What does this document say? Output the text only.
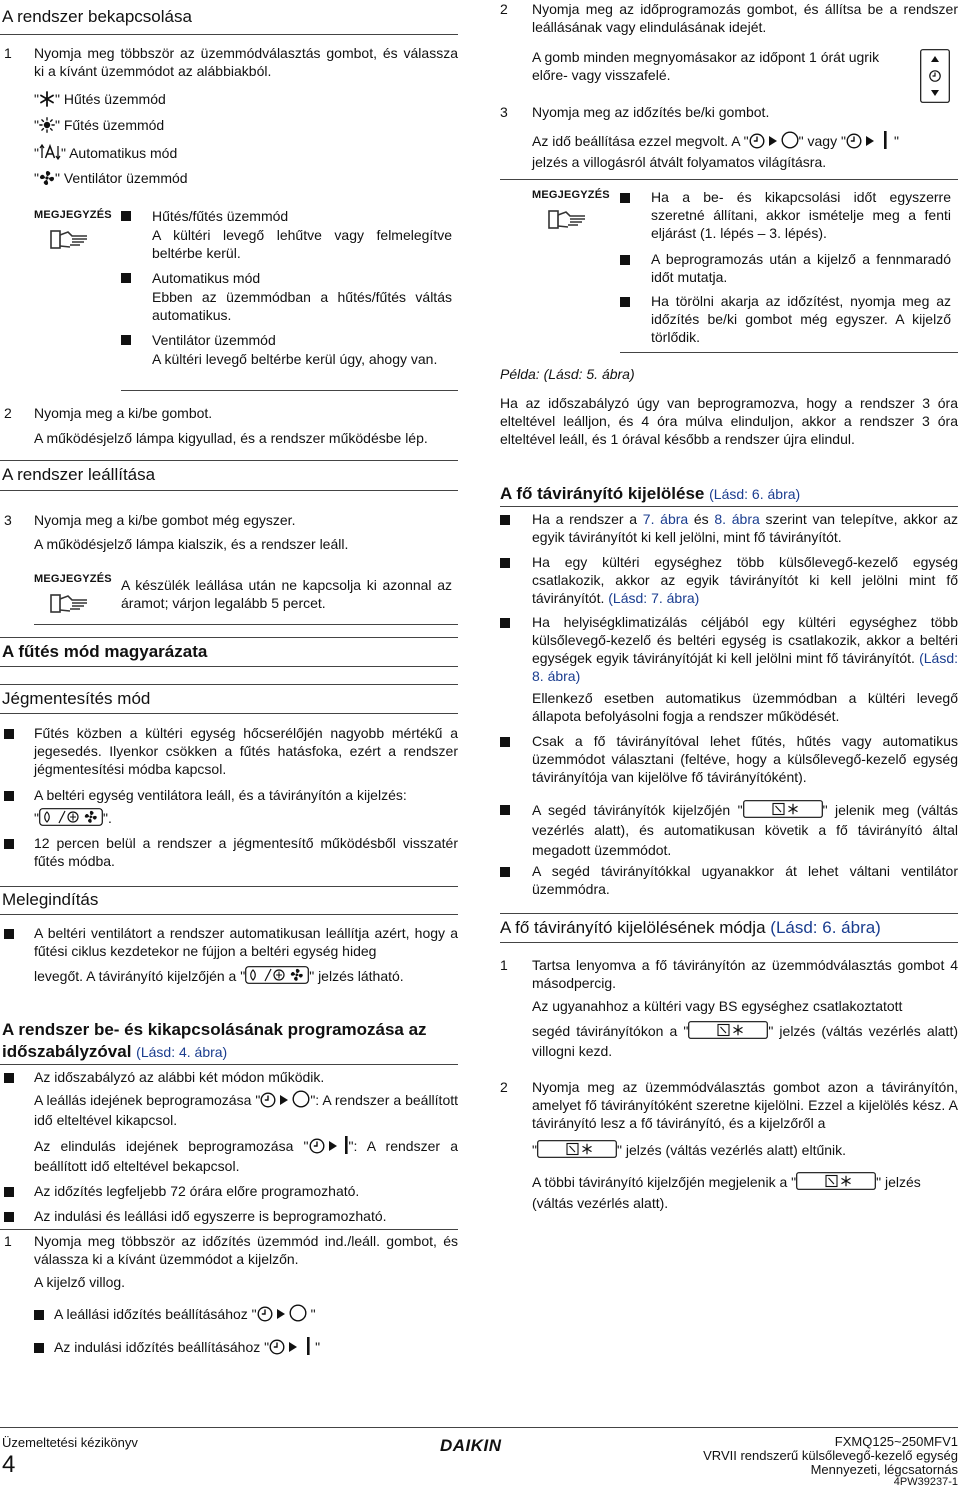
A rendszer bekapcsolása
1 Nyomja meg többször az üzemmódválasztás gombot, és válassza ki a kívánt üzemmódot az alábbiakból.
" " Hűtés üzemmód
" " Fűtés üzemmód
" " Automatikus mód
" " Ventilátor üzemmód
MEGJEGYZÉS	Hűtés/fűtés üzemmód
A kültéri levegő lehűtve vagy felmelegítve beltérbe kerül.
Automatikus mód
Ebben az üzemmódban a hűtés/fűtés váltás automatikus.
Ventilátor üzemmód
A kültéri levegő beltérbe kerül úgy, ahogy van.
2 Nyomja meg a ki/be gombot.
A működésjelző lámpa kigyullad, és a rendszer működésbe lép.
A rendszer leállítása
3 Nyomja meg a ki/be gombot még egyszer.
A működésjelző lámpa kialszik, és a rendszer leáll.
MEGJEGYZÉS A készülék leállása után ne kapcsolja ki azonnal az áramot; várjon legalább 5 percet.
A fűtés mód magyarázata
Jégmentesítés mód
Fűtés közben a kültéri egység hőcserélőjén nagyobb mértékű a jegesedés. Ilyenkor csökken a fűtés hatásfoka, ezért a rendszer jégmentesítési módba kapcsol.
A beltéri egység ventilátora leáll, és a távirányítón a kijelzés:
"	".
12 percen belül a rendszer a jégmentesítő működésből visszatér fűtés módba.
Melegindítás
A beltéri ventilátort a rendszer automatikusan leállítja azért, hogy a fűtési ciklus kezdetekor ne fújjon a beltéri egység hideg
levegőt. A távirányító kijelzőjén a "	" jelzés látható.
A rendszer be- és kikapcsolásának programozása az
időszabályzóval (Lásd: 4. ábra)
Az időszabályzó az alábbi két módon működik.
A leállás idejének beprogramozása "	": A rendszer a beállított idő elteltével kikapcsol.
Az elindulás idejének beprogramozása "	": A rendszer a beállított idő elteltével bekapcsol.
Az időzítés legfeljebb 72 órára előre programozható.
Az indulási és leállási idő egyszerre is beprogramozható.
1 Nyomja meg többször az időzítés üzemmód ind./leáll. gombot, és válassza ki a kívánt üzemmódot a kijelzőn.
A kijelző villog.
A leállási időzítés beállításához "	"
Az indulási időzítés beállításához "	"
2 Nyomja meg az időprogramozás gombot, és állítsa be a rendszer leállásának vagy elindulásának idejét.
A gomb minden megnyomásakor az időpont 1 órát ugrik előre- vagy visszafelé.
3 Nyomja meg az időzítés be/ki gombot.
Az idő beállítása ezzel megvolt. A "	" vagy "	"
jelzés a villogásról átvált folyamatos világításra.
MEGJEGYZÉS	Ha a be- és kikapcsolási időt egyszerre szeretné állítani, akkor ismételje meg a fenti eljárást (1. lépés – 3. lépés).
A beprogramozás után a kijelző a fennmaradó időt mutatja.
Ha törölni akarja az időzítést, nyomja meg az időzítés be/ki gombot még egyszer. A kijelző törlődik.
Példa: (Lásd: 5. ábra)
Ha az időszabályzó úgy van beprogramozva, hogy a rendszer 3 óra elteltével leálljon, és 4 óra múlva elinduljon, akkor a rendszer 3 óra elteltével leáll, és 1 órával később a rendszer újra elindul.
A fő távirányító kijelölése (Lásd: 6. ábra)
Ha a rendszer a 7. ábra és 8. ábra szerint van telepítve, akkor az egyik távirányítót ki kell jelölni, mint fő távirányítót.
Ha egy kültéri egységhez több külsőlevegő-kezelő egység csatlakozik, akkor az egyik távirányítót ki kell jelölni mint fő távirányítót. (Lásd: 7. ábra)
Ha helyiségklimatizálás céljából egy kültéri egységhez több külsőlevegő-kezelő és beltéri egység is csatlakozik, akkor a beltéri egységek egyik távirányítóját ki kell jelölni mint fő távirányítót. (Lásd: 8. ábra)
Ellenkező esetben automatikus üzemmódban a kültéri levegő állapota befolyásolni fogja a rendszer működését.
Csak a fő távirányítóval lehet fűtés, hűtés vagy automatikus üzemmódot választani (feltéve, hogy a külsőlevegő-kezelő egység távirányítója van kijelölve fő távirányítóként).
A segéd távirányítók kijelzőjén "	" jelenik meg (váltás vezérlés alatt), és automatikusan követik a fő távirányító által megadott üzemmódot.
A segéd távirányítókkal ugyanakkor át lehet váltani ventilátor üzemmódra.
A fő távirányító kijelölésének módja (Lásd: 6. ábra)
1 Tartsa lenyomva a fő távirányítón az üzemmódválasztás gombot 4 másodpercig.
Az ugyanahhoz a kültéri vagy BS egységhez csatlakoztatott
segéd távirányítókon a "	" jelzés (váltás vezérlés alatt) villogni kezd.
2 Nyomja meg az üzemmódválasztás gombot azon a távirányítón, amelyet fő távirányítóként szeretne kijelölni. Ezzel a kijelölés kész. A távirányító lesz a fő távirányító, és a kijelzőről a
"	" jelzés (váltás vezérlés alatt) eltűnik.
A többi távirányító kijelzőjén megjelenik a "	" jelzés
(váltás vezérlés alatt).
Üzemeltetési kézikönyv
4
DAIKIN	FXMQ125~250MFV1
VRVII rendszerű külsőlevegő-kezelő egység
Mennyezeti, légcsatornás
4PW39237-1
